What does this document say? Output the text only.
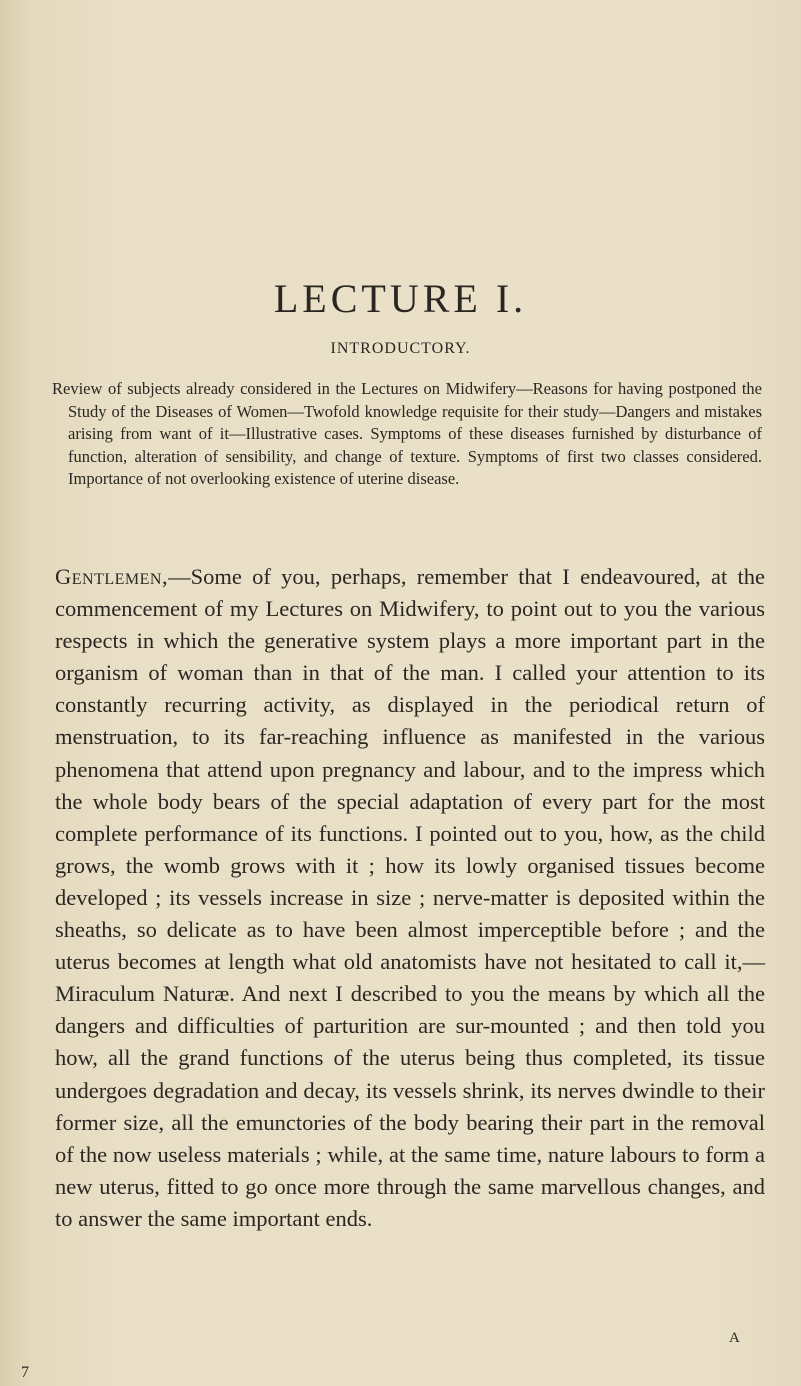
LECTURE I.
INTRODUCTORY.

Review of subjects already considered in the Lectures on Midwifery—Reasons for having postponed the Study of the Diseases of Women—Twofold knowledge requisite for their study—Dangers and mistakes arising from want of it—Illustrative cases. Symptoms of these diseases furnished by disturbance of function, alteration of sensibility, and change of texture. Symptoms of first two classes considered. Importance of not overlooking existence of uterine disease.

Gentlemen,—Some of you, perhaps, remember that I endeavoured, at the commencement of my Lectures on Midwifery, to point out to you the various respects in which the generative system plays a more important part in the organism of woman than in that of the man. I called your attention to its constantly recurring activity, as displayed in the periodical return of menstruation, to its far-reaching influence as manifested in the various phenomena that attend upon pregnancy and labour, and to the impress which the whole body bears of the special adaptation of every part for the most complete performance of its functions. I pointed out to you, how, as the child grows, the womb grows with it ; how its lowly organised tissues become developed ; its vessels increase in size ; nerve-matter is deposited within the sheaths, so delicate as to have been almost imperceptible before ; and the uterus becomes at length what old anatomists have not hesitated to call it,— Miraculum Naturæ. And next I described to you the means by which all the dangers and difficulties of parturition are sur-mounted ; and then told you how, all the grand functions of the uterus being thus completed, its tissue undergoes degradation and decay, its vessels shrink, its nerves dwindle to their former size, all the emunctories of the body bearing their part in the removal of the now useless materials ; while, at the same time, nature labours to form a new uterus, fitted to go once more through the same marvellous changes, and to answer the same important ends.

A

7
